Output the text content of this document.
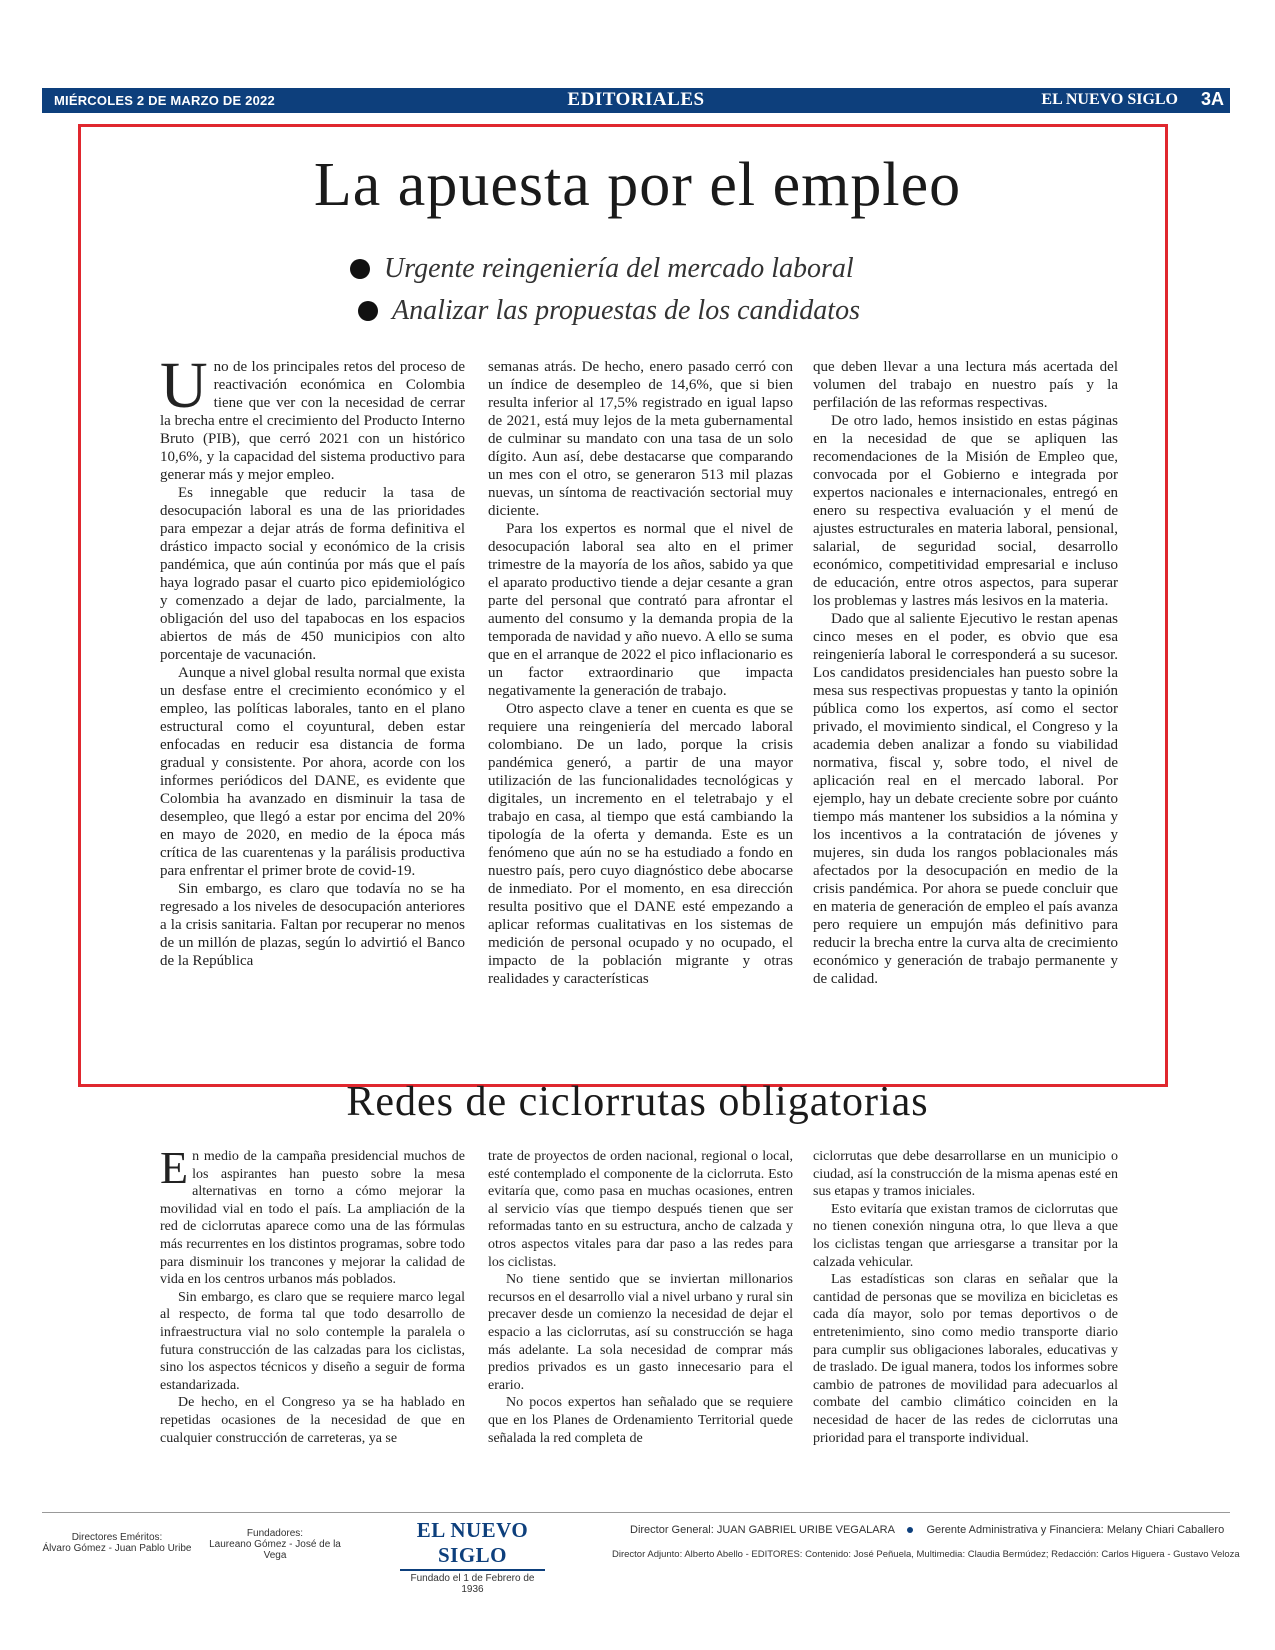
MIÉRCOLES 2 DE MARZO DE 2022	EDITORIALES	EL NUEVO SIGLO 3A
La apuesta por el empleo
Urgente reingeniería del mercado laboral
Analizar las propuestas de los candidatos

Uno de los principales retos del proceso de reactivación económica en Colombia tiene que ver con la necesidad de cerrar la brecha entre el crecimiento del Producto Interno Bruto (PIB), que cerró 2021 con un histórico 10,6%, y la capacidad del sistema productivo para generar más y mejor empleo.

Es innegable que reducir la tasa de desocupación laboral es una de las prioridades para empezar a dejar atrás de forma definitiva el drástico impacto social y económico de la crisis pandémica, que aún continúa por más que el país haya logrado pasar el cuarto pico epidemiológico y comenzado a dejar de lado, parcialmente, la obligación del uso del tapabocas en los espacios abiertos de más de 450 municipios con alto porcentaje de vacunación.

Aunque a nivel global resulta normal que exista un desfase entre el crecimiento económico y el empleo, las políticas laborales, tanto en el plano estructural como el coyuntural, deben estar enfocadas en reducir esa distancia de forma gradual y consistente. Por ahora, acorde con los informes periódicos del DANE, es evidente que Colombia ha avanzado en disminuir la tasa de desempleo, que llegó a estar por encima del 20% en mayo de 2020, en medio de la época más crítica de las cuarentenas y la parálisis productiva para enfrentar el primer brote de covid-19.

Sin embargo, es claro que todavía no se ha regresado a los niveles de desocupación anteriores a la crisis sanitaria. Faltan por recuperar no menos de un millón de plazas, según lo advirtió el Banco de la República

semanas atrás. De hecho, enero pasado cerró con un índice de desempleo de 14,6%, que si bien resulta inferior al 17,5% registrado en igual lapso de 2021, está muy lejos de la meta gubernamental de culminar su mandato con una tasa de un solo dígito. Aun así, debe destacarse que comparando un mes con el otro, se generaron 513 mil plazas nuevas, un síntoma de reactivación sectorial muy diciente.

Para los expertos es normal que el nivel de desocupación laboral sea alto en el primer trimestre de la mayoría de los años, sabido ya que el aparato productivo tiende a dejar cesante a gran parte del personal que contrató para afrontar el aumento del consumo y la demanda propia de la temporada de navidad y año nuevo. A ello se suma que en el arranque de 2022 el pico inflacionario es un factor extraordinario que impacta negativamente la generación de trabajo.

Otro aspecto clave a tener en cuenta es que se requiere una reingeniería del mercado laboral colombiano. De un lado, porque la crisis pandémica generó, a partir de una mayor utilización de las funcionalidades tecnológicas y digitales, un incremento en el teletrabajo y el trabajo en casa, al tiempo que está cambiando la tipología de la oferta y demanda. Este es un fenómeno que aún no se ha estudiado a fondo en nuestro país, pero cuyo diagnóstico debe abocarse de inmediato. Por el momento, en esa dirección resulta positivo que el DANE esté empezando a aplicar reformas cualitativas en los sistemas de medición de personal ocupado y no ocupado, el impacto de la población migrante y otras realidades y características

que deben llevar a una lectura más acertada del volumen del trabajo en nuestro país y la perfilación de las reformas respectivas.

De otro lado, hemos insistido en estas páginas en la necesidad de que se apliquen las recomendaciones de la Misión de Empleo que, convocada por el Gobierno e integrada por expertos nacionales e internacionales, entregó en enero su respectiva evaluación y el menú de ajustes estructurales en materia laboral, pensional, salarial, de seguridad social, desarrollo económico, competitividad empresarial e incluso de educación, entre otros aspectos, para superar los problemas y lastres más lesivos en la materia.

Dado que al saliente Ejecutivo le restan apenas cinco meses en el poder, es obvio que esa reingeniería laboral le corresponderá a su sucesor. Los candidatos presidenciales han puesto sobre la mesa sus respectivas propuestas y tanto la opinión pública como los expertos, así como el sector privado, el movimiento sindical, el Congreso y la academia deben analizar a fondo su viabilidad normativa, fiscal y, sobre todo, el nivel de aplicación real en el mercado laboral. Por ejemplo, hay un debate creciente sobre por cuánto tiempo más mantener los subsidios a la nómina y los incentivos a la contratación de jóvenes y mujeres, sin duda los rangos poblacionales más afectados por la desocupación en medio de la crisis pandémica. Por ahora se puede concluir que en materia de generación de empleo el país avanza pero requiere un empujón más definitivo para reducir la brecha entre la curva alta de crecimiento económico y generación de trabajo permanente y de calidad.

Redes de ciclorrutas obligatorias

En medio de la campaña presidencial muchos de los aspirantes han puesto sobre la mesa alternativas en torno a cómo mejorar la movilidad vial en todo el país. La ampliación de la red de ciclorrutas aparece como una de las fórmulas más recurrentes en los distintos programas, sobre todo para disminuir los trancones y mejorar la calidad de vida en los centros urbanos más poblados.

Sin embargo, es claro que se requiere marco legal al respecto, de forma tal que todo desarrollo de infraestructura vial no solo contemple la paralela o futura construcción de las calzadas para los ciclistas, sino los aspectos técnicos y diseño a seguir de forma estandarizada.

De hecho, en el Congreso ya se ha hablado en repetidas ocasiones de la necesidad de que en cualquier construcción de carreteras, ya se

trate de proyectos de orden nacional, regional o local, esté contemplado el componente de la ciclorruta. Esto evitaría que, como pasa en muchas ocasiones, entren al servicio vías que tiempo después tienen que ser reformadas tanto en su estructura, ancho de calzada y otros aspectos vitales para dar paso a las redes para los ciclistas.

No tiene sentido que se inviertan millonarios recursos en el desarrollo vial a nivel urbano y rural sin precaver desde un comienzo la necesidad de dejar el espacio a las ciclorrutas, así su construcción se haga más adelante. La sola necesidad de comprar más predios privados es un gasto innecesario para el erario.

No pocos expertos han señalado que se requiere que en los Planes de Ordenamiento Territorial quede señalada la red completa de

ciclorrutas que debe desarrollarse en un municipio o ciudad, así la construcción de la misma apenas esté en sus etapas y tramos iniciales.

Esto evitaría que existan tramos de ciclorrutas que no tienen conexión ninguna otra, lo que lleva a que los ciclistas tengan que arriesgarse a transitar por la calzada vehicular.

Las estadísticas son claras en señalar que la cantidad de personas que se moviliza en bicicletas es cada día mayor, solo por temas deportivos o de entretenimiento, sino como medio transporte diario para cumplir sus obligaciones laborales, educativas y de traslado. De igual manera, todos los informes sobre cambio de patrones de movilidad para adecuarlos al combate del cambio climático coinciden en la necesidad de hacer de las redes de ciclorrutas una prioridad para el transporte individual.

Directores Eméritos:
Álvaro Gómez - Juan Pablo Uribe
Fundadores:
Laureano Gómez - José de la Vega
EL NUEVO SIGLO
Fundado el 1 de Febrero de 1936
Director General: JUAN GABRIEL URIBE VEGALARA	Gerente Administrativa y Financiera: Melany Chiari Caballero
Director Adjunto: Alberto Abello - EDITORES: Contenido: José Peñuela, Multimedia: Claudia Bermúdez; Redacción: Carlos Higuera - Gustavo Veloza
